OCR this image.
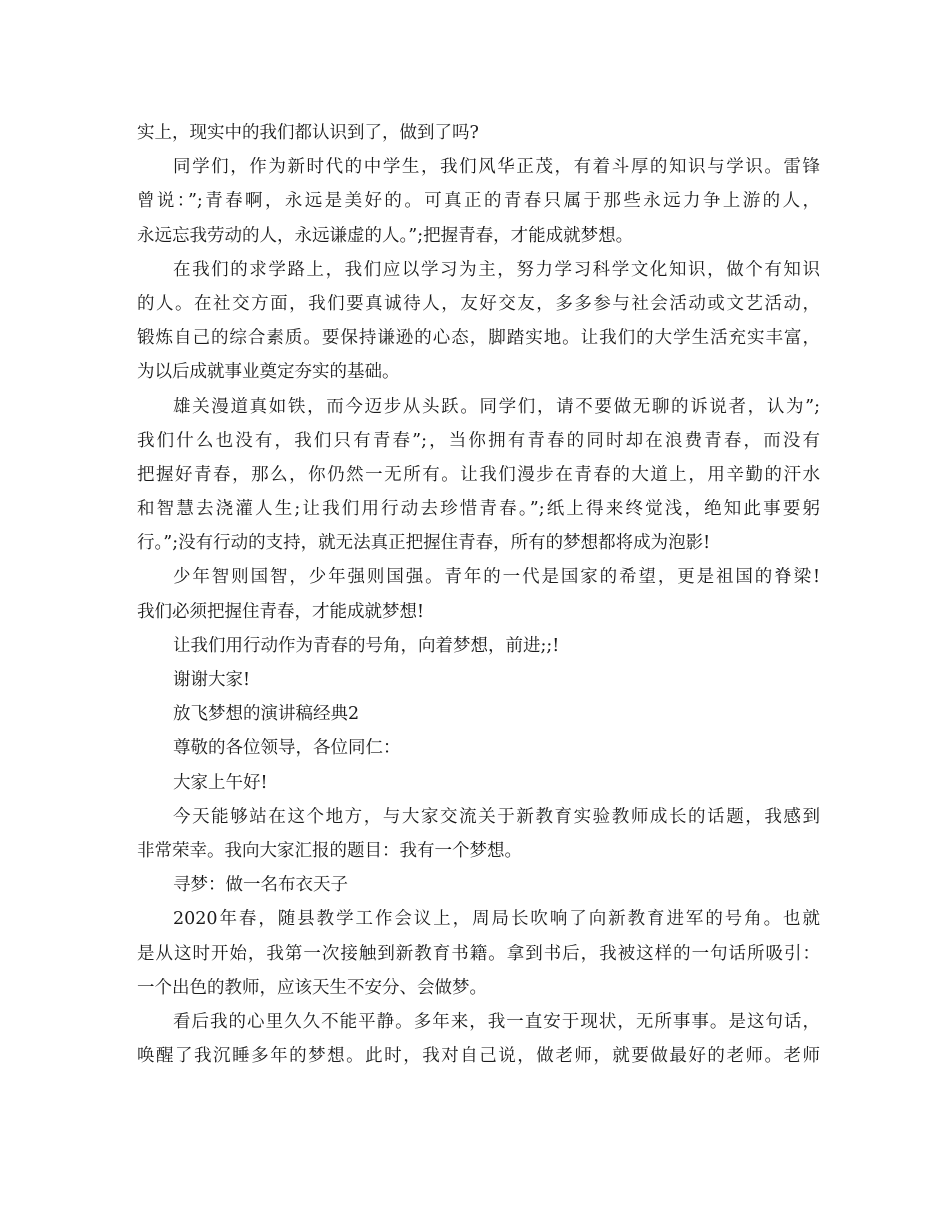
实上，现实中的我们都认识到了，做到了吗?

同学们，作为新时代的中学生，我们风华正茂，有着斗厚的知识与学识。雷锋

曾说：”;青春啊，永远是美好的。可真正的青春只属于那些永远力争上游的人，

永远忘我劳动的人，永远谦虚的人。”;把握青春，才能成就梦想。

在我们的求学路上，我们应以学习为主，努力学习科学文化知识，做个有知识

的人。在社交方面，我们要真诚待人，友好交友，多多参与社会活动或文艺活动，

锻炼自己的综合素质。要保持谦逊的心态，脚踏实地。让我们的大学生活充实丰富，

为以后成就事业奠定夯实的基础。

雄关漫道真如铁，而今迈步从头跃。同学们，请不要做无聊的诉说者，认为”;

我们什么也没有，我们只有青春”;，当你拥有青春的同时却在浪费青春，而没有

把握好青春，那么，你仍然一无所有。让我们漫步在青春的大道上，用辛勤的汗水

和智慧去浇灌人生;让我们用行动去珍惜青春。”;纸上得来终觉浅，绝知此事要躬

行。”;没有行动的支持，就无法真正把握住青春，所有的梦想都将成为泡影!

少年智则国智，少年强则国强。青年的一代是国家的希望，更是祖国的脊梁!

我们必须把握住青春，才能成就梦想!

让我们用行动作为青春的号角，向着梦想，前进;;!

谢谢大家!

放飞梦想的演讲稿经典2

尊敬的各位领导，各位同仁：

大家上午好!

今天能够站在这个地方，与大家交流关于新教育实验教师成长的话题，我感到

非常荣幸。我向大家汇报的题目：我有一个梦想。

寻梦：做一名布衣天子

2020年春，随县教学工作会议上，周局长吹响了向新教育进军的号角。也就

是从这时开始，我第一次接触到新教育书籍。拿到书后，我被这样的一句话所吸引：

一个出色的教师，应该天生不安分、会做梦。

看后我的心里久久不能平静。多年来，我一直安于现状，无所事事。是这句话，

唤醒了我沉睡多年的梦想。此时，我对自己说，做老师，就要做最好的老师。老师
